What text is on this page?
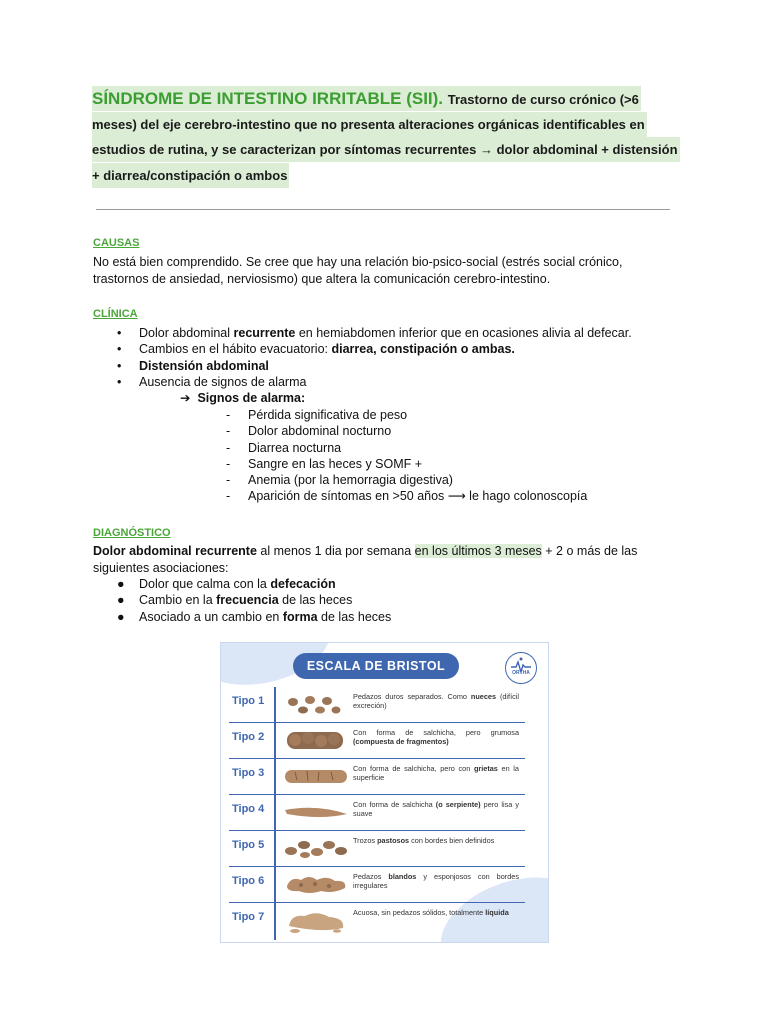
SÍNDROME DE INTESTINO IRRITABLE (SII). Trastorno de curso crónico (>6
meses) del eje cerebro-intestino que no presenta alteraciones orgánicas identificables en
estudios de rutina, y se caracterizan por síntomas recurrentes → dolor abdominal + distensión
+ diarrea/constipación o ambos
CAUSAS
No está bien comprendido. Se cree que hay una relación bio-psico-social (estrés social crónico, trastornos de ansiedad, nerviosismo) que altera la comunicación cerebro-intestino.
CLÍNICA
• Dolor abdominal recurrente en hemiabdomen inferior que en ocasiones alivia al defecar.
• Cambios en el hábito evacuatorio: diarrea, constipación o ambas.
• Distensión abdominal
• Ausencia de signos de alarma
➔ Signos de alarma:
- Pérdida significativa de peso
- Dolor abdominal nocturno
- Diarrea nocturna
- Sangre en las heces y SOMF +
- Anemia (por la hemorragia digestiva)
- Aparición de síntomas en >50 años ⟶ le hago colonoscopía
DIAGNÓSTICO
Dolor abdominal recurrente al menos 1 dia por semana en los últimos 3 meses + 2 o más de las siguientes asociaciones:
● Dolor que calma con la defecación
● Cambio en la frecuencia de las heces
● Asociado a un cambio en forma de las heces
ESCALA DE BRISTOL	ORTHA
Tipo 1	Pedazos duros separados. Como nueces (difícil excreción)
Tipo 2	Con forma de salchicha, pero grumosa (compuesta de fragmentos)
Tipo 3	Con forma de salchicha, pero con grietas en la superficie
Tipo 4	Con forma de salchicha (o serpiente) pero lisa y suave
Tipo 5	Trozos pastosos con bordes bien definidos
Tipo 6	Pedazos blandos y esponjosos con bordes irregulares
Tipo 7	Acuosa, sin pedazos sólidos, totalmente líquida
